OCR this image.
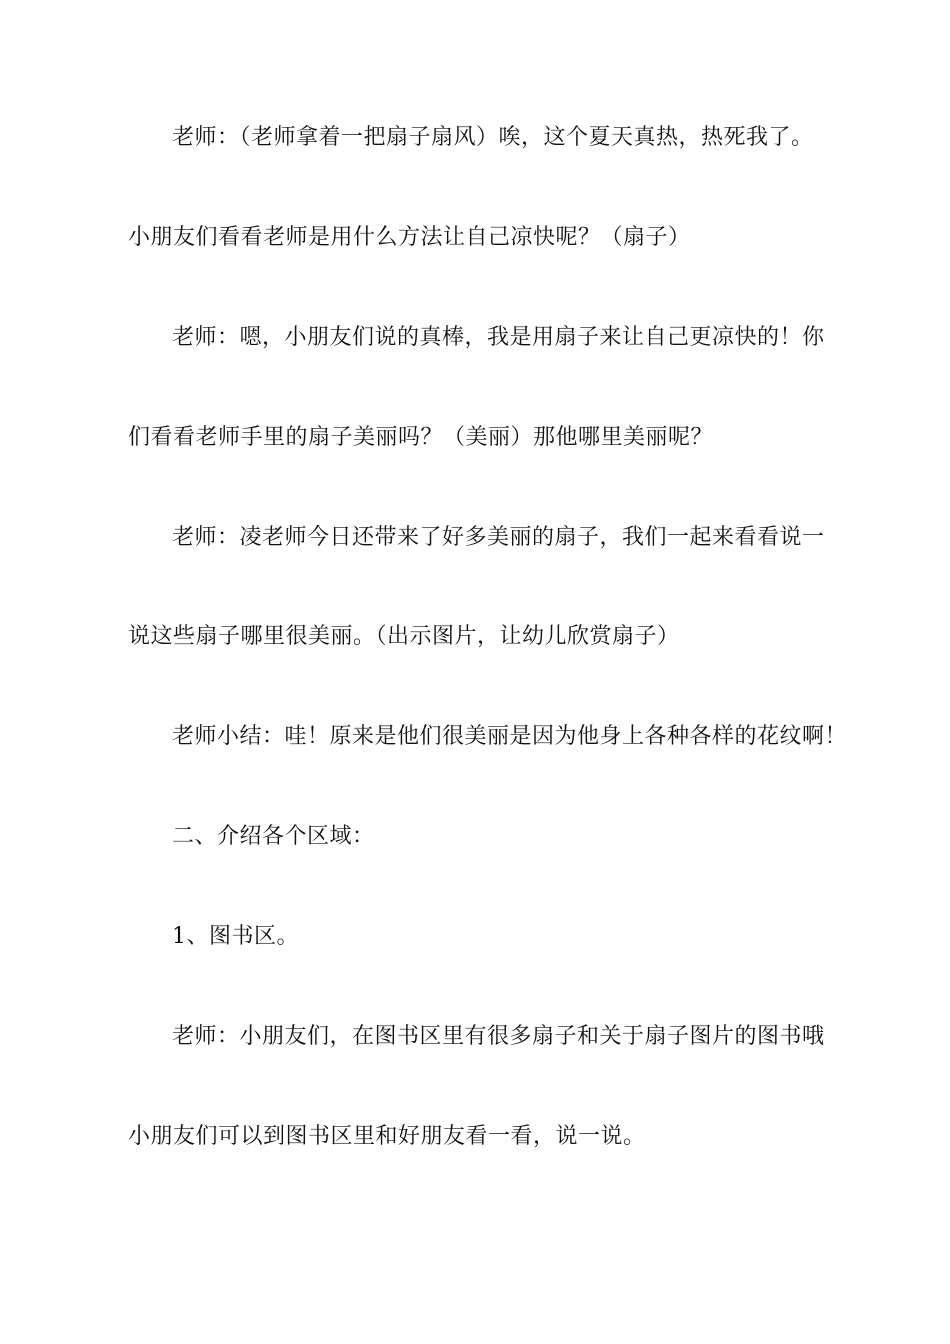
老师：（老师拿着一把扇子扇风）唉，这个夏天真热，热死我了。
小朋友们看看老师是用什么方法让自己凉快呢？（扇子）
老师：嗯，小朋友们说的真棒，我是用扇子来让自己更凉快的！你
们看看老师手里的扇子美丽吗？（美丽）那他哪里美丽呢？
老师：凌老师今日还带来了好多美丽的扇子，我们一起来看看说一
说这些扇子哪里很美丽。（出示图片，让幼儿欣赏扇子）
老师小结：哇！原来是他们很美丽是因为他身上各种各样的花纹啊！
二、介绍各个区域：
1、图书区。
老师：小朋友们，在图书区里有很多扇子和关于扇子图片的图书哦
小朋友们可以到图书区里和好朋友看一看，说一说。
